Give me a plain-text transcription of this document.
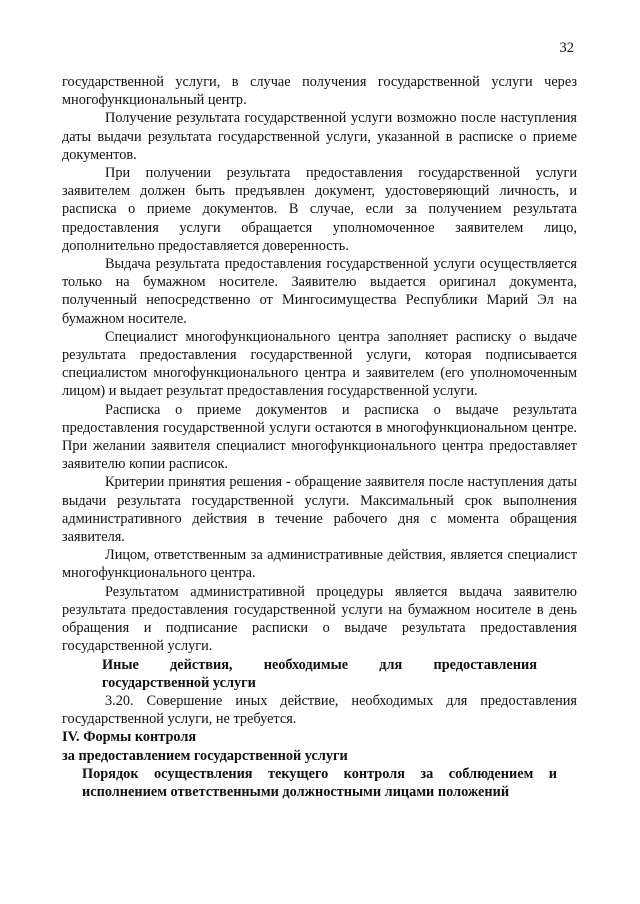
32

государственной услуги, в случае получения государственной услуги через многофункциональный центр.

Получение результата государственной услуги возможно после наступления даты выдачи результата государственной услуги, указанной в расписке о приеме документов.

При получении результата предоставления государственной услуги заявителем должен быть предъявлен документ, удостоверяющий личность, и расписка о приеме документов. В случае, если за получением результата предоставления услуги обращается уполномоченное заявителем лицо, дополнительно предоставляется доверенность.

Выдача результата предоставления государственной услуги осуществляется только на бумажном носителе. Заявителю выдается оригинал документа, полученный непосредственно от Мингосимущества Республики Марий Эл на бумажном носителе.

Специалист многофункционального центра заполняет расписку о выдаче результата предоставления государственной услуги, которая подписывается специалистом многофункционального центра и заявителем (его уполномоченным лицом) и выдает результат предоставления государственной услуги.

Расписка о приеме документов и расписка о выдаче результата предоставления государственной услуги остаются в многофункциональном центре. При желании заявителя специалист многофункционального центра предоставляет заявителю копии расписок.

Критерии принятия решения - обращение заявителя после наступления даты выдачи результата государственной услуги. Максимальный срок выполнения административного действия в течение рабочего дня с момента обращения заявителя.

Лицом, ответственным за административные действия, является специалист многофункционального центра.

Результатом административной процедуры является выдача заявителю результата предоставления государственной услуги на бумажном носителе в день обращения и подписание расписки о выдаче результата предоставления государственной услуги.

Иные действия, необходимые для предоставления государственной услуги

3.20. Совершение иных действие, необходимых для предоставления государственной услуги, не требуется.

IV. Формы контроля

за предоставлением государственной услуги

Порядок осуществления текущего контроля за соблюдением и исполнением ответственными должностными лицами положений
